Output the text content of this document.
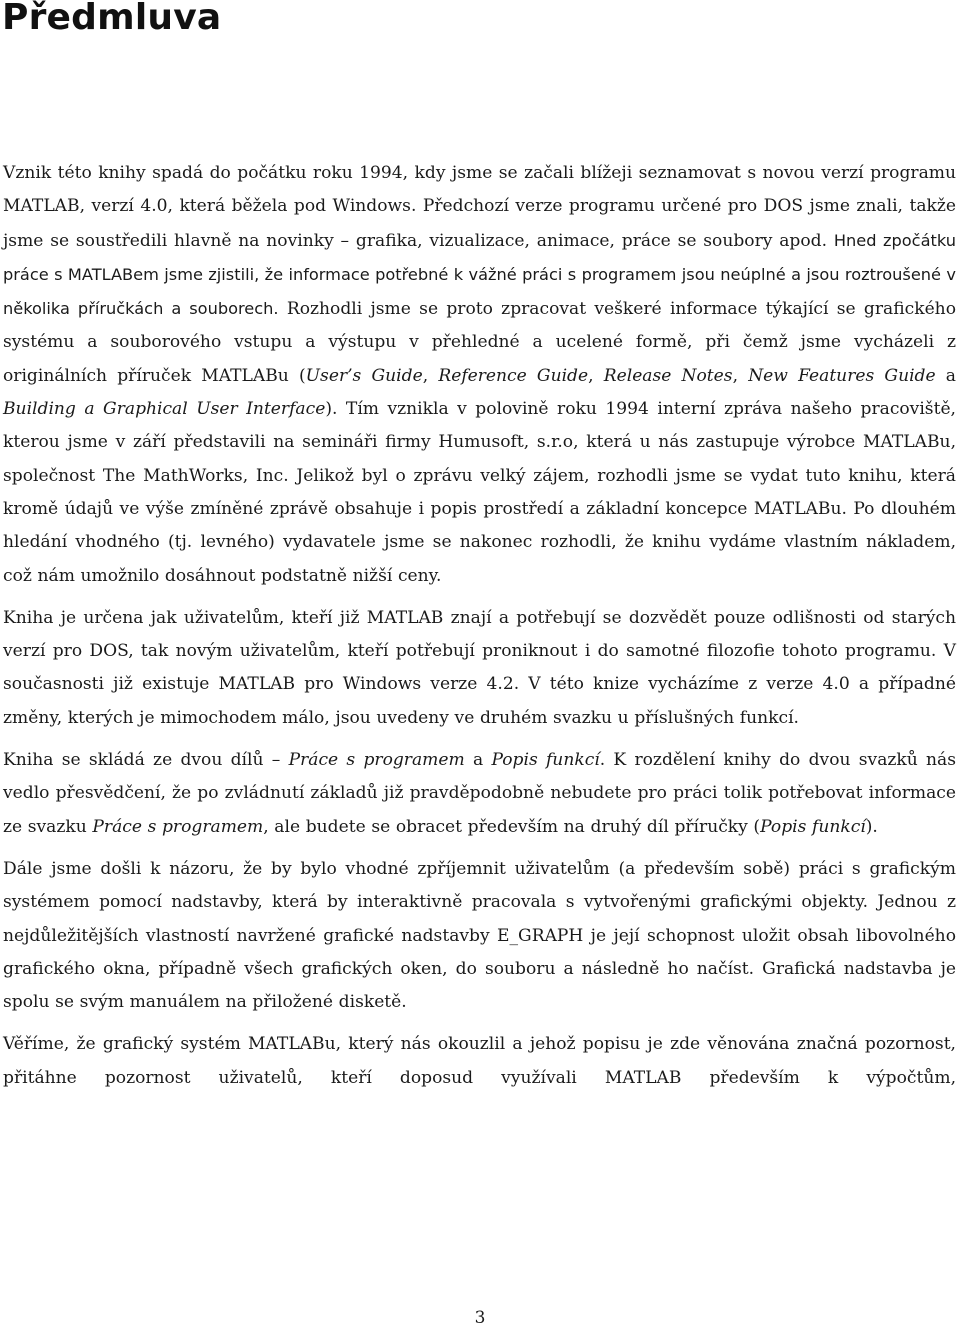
Předmluva

Vznik této knihy spadá do počátku roku 1994, kdy jsme se začali blížeji seznamovat s novou verzí programu MATLAB, verzí 4.0, která běžela pod Windows. Předchozí verze programu určené pro DOS jsme znali, takže jsme se soustředili hlavně na novinky – grafika, vizualizace, animace, práce se soubory apod. Hned zpočátku práce s MATLABem jsme zjistili, že informace potřebné k vážné práci s programem jsou neúplné a jsou roztroušené v několika příručkách a souborech. Rozhodli jsme se proto zpracovat veškeré informace týkající se grafického systému a souborového vstupu a výstupu v přehledné a ucelené formě, při čemž jsme vycházeli z originálních příruček MATLABu (User’s Guide, Reference Guide, Release Notes, New Features Guide a Building a Graphical User Interface). Tím vznikla v polovině roku 1994 interní zpráva našeho pracoviště, kterou jsme v září představili na semináři firmy Humusoft, s.r.o, která u nás zastupuje výrobce MATLABu, společnost The MathWorks, Inc. Jelikož byl o zprávu velký zájem, rozhodli jsme se vydat tuto knihu, která kromě údajů ve výše zmíněné zprávě obsahuje i popis prostředí a základní koncepce MATLABu. Po dlouhém hledání vhodného (tj. levného) vydavatele jsme se nakonec rozhodli, že knihu vydáme vlastním nákladem, což nám umožnilo dosáhnout podstatně nižší ceny.

Kniha je určena jak uživatelům, kteří již MATLAB znají a potřebují se dozvědět pouze odlišnosti od starých verzí pro DOS, tak novým uživatelům, kteří potřebují proniknout i do samotné filozofie tohoto programu. V současnosti již existuje MATLAB pro Windows verze 4.2. V této knize vycházíme z verze 4.0 a případné změny, kterých je mimochodem málo, jsou uvedeny ve druhém svazku u příslušných funkcí.

Kniha se skládá ze dvou dílů – Práce s programem a Popis funkcí. K rozdělení knihy do dvou svazků nás vedlo přesvědčení, že po zvládnutí základů již pravděpodobně nebudete pro práci tolik potřebovat informace ze svazku Práce s programem, ale budete se obracet především na druhý díl příručky (Popis funkcí).

Dále jsme došli k názoru, že by bylo vhodné zpříjemnit uživatelům (a především sobě) práci s grafickým systémem pomocí nadstavby, která by interaktivně pracovala s vytvořenými grafickými objekty. Jednou z nejdůležitějších vlastností navržené grafické nadstavby E_GRAPH je její schopnost uložit obsah libovolného grafického okna, případně všech grafických oken, do souboru a následně ho načíst. Grafická nadstavba je spolu se svým manuálem na přiložené disketě.

Věříme, že grafický systém MATLABu, který nás okouzlil a jehož popisu je zde věnována značná pozornost, přitáhne pozornost uživatelů, kteří doposud využívali MATLAB především k výpočtům,

3
